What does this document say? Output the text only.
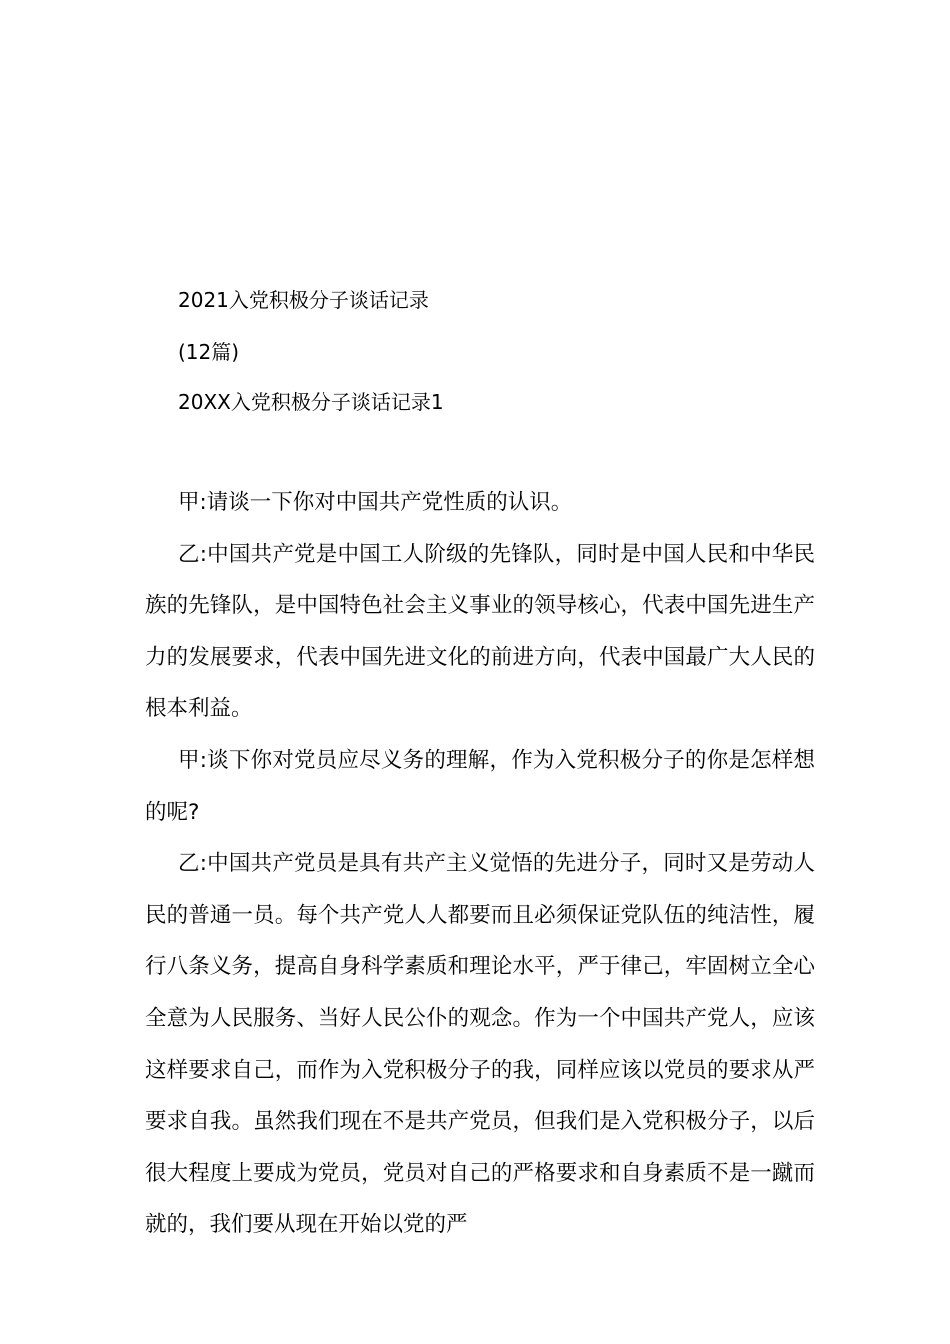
2021入党积极分子谈话记录
(12篇)
20XX入党积极分子谈话记录1

甲:请谈一下你对中国共产党性质的认识。

乙:中国共产党是中国工人阶级的先锋队，同时是中国人民和中华民族的先锋队，是中国特色社会主义事业的领导核心，代表中国先进生产力的发展要求，代表中国先进文化的前进方向，代表中国最广大人民的根本利益。

甲:谈下你对党员应尽义务的理解，作为入党积极分子的你是怎样想的呢?

乙:中国共产党员是具有共产主义觉悟的先进分子，同时又是劳动人民的普通一员。每个共产党人人都要而且必须保证党队伍的纯洁性，履行八条义务，提高自身科学素质和理论水平，严于律己，牢固树立全心全意为人民服务、当好人民公仆的观念。作为一个中国共产党人，应该这样要求自己，而作为入党积极分子的我，同样应该以党员的要求从严要求自我。虽然我们现在不是共产党员，但我们是入党积极分子，以后很大程度上要成为党员，党员对自己的严格要求和自身素质不是一蹴而就的，我们要从现在开始以党的严
